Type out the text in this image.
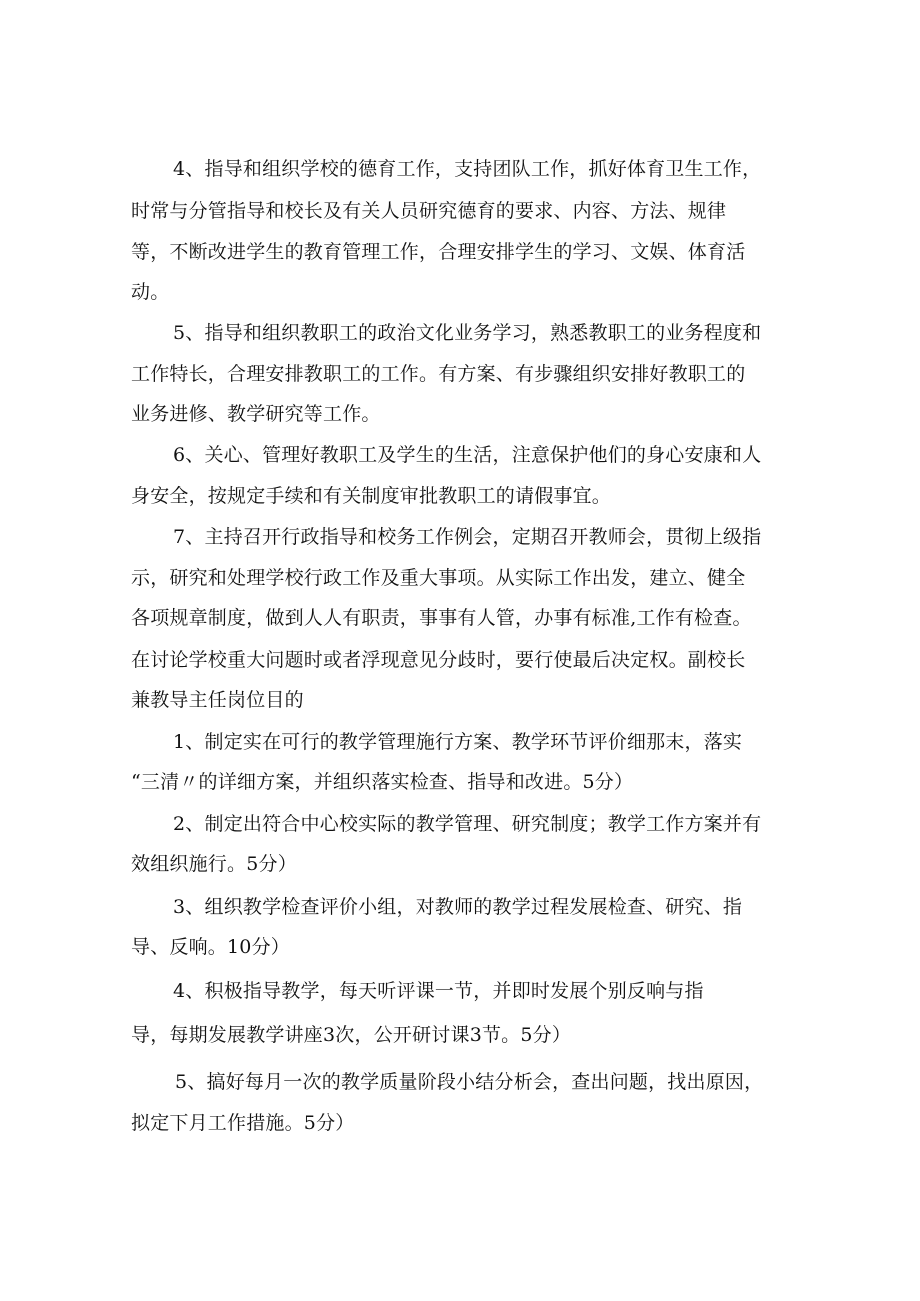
4、指导和组织学校的德育工作，支持团队工作，抓好体育卫生工作，
时常与分管指导和校长及有关人员研究德育的要求、内容、方法、规律
等，不断改进学生的教育管理工作，合理安排学生的学习、文娱、体育活
动。
5、指导和组织教职工的政治文化业务学习，熟悉教职工的业务程度和
工作特长，合理安排教职工的工作。有方案、有步骤组织安排好教职工的
业务进修、教学研究等工作。
6、关心、管理好教职工及学生的生活，注意保护他们的身心安康和人
身安全，按规定手续和有关制度审批教职工的请假事宜。
7、主持召开行政指导和校务工作例会，定期召开教师会，贯彻上级指
示，研究和处理学校行政工作及重大事项。从实际工作出发，建立、健全
各项规章制度，做到人人有职责，事事有人管，办事有标准,工作有检查。
在讨论学校重大问题时或者浮现意见分歧时，要行使最后决定权。副校长
兼教导主任岗位目的
1、制定实在可行的教学管理施行方案、教学环节评价细那末，落实
“三清〃的详细方案，并组织落实检查、指导和改进。5分）
2、制定出符合中心校实际的教学管理、研究制度；教学工作方案并有
效组织施行。5分）
3、组织教学检查评价小组，对教师的教学过程发展检查、研究、指
导、反响。10分）
4、积极指导教学，每天听评课一节，并即时发展个别反响与指
导，每期发展教学讲座3次，公开研讨课3节。5分）
5、搞好每月一次的教学质量阶段小结分析会，查出问题，找出原因，
拟定下月工作措施。5分）
